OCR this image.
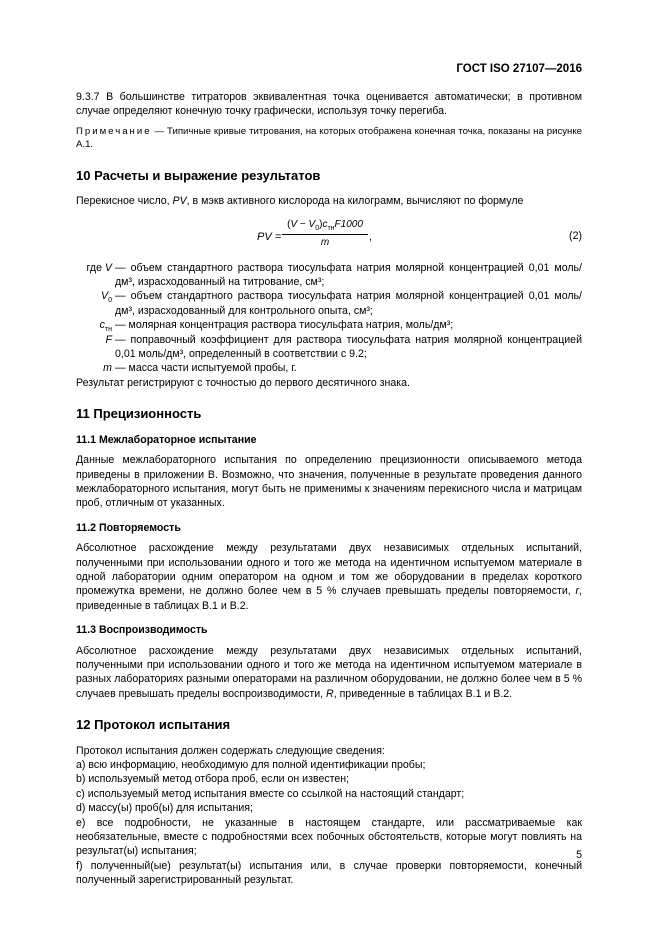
ГОСТ ISO 27107—2016

9.3.7 В большинстве титраторов эквивалентная точка оценивается автоматически; в противном случае определяют конечную точку графически, используя точку перегиба.

Примечание — Типичные кривые титрования, на которых отображена конечная точка, показаны на рисунке А.1.

10 Расчеты и выражение результатов

Перекисное число, PV, в мэкв активного кислорода на килограмм, вычисляют по формуле

PV =
$(V - V_0)c_{тн}F1000$
m	,	(2)
где V — объем стандартного раствора тиосульфата натрия молярной концентрацией 0,01 моль/дм³, израсходованный на титрование, см³;
$V_0$ — объем стандартного раствора тиосульфата натрия молярной концентрацией 0,01 моль/дм³, израсходованный для контрольного опыта, см³;
$c_{тн}$ — молярная концентрация раствора тиосульфата натрия, моль/дм³;
F — поправочный коэффициент для раствора тиосульфата натрия молярной концентрацией 0,01 моль/дм³, определенный в соответствии с 9.2;
m — масса части испытуемой пробы, г.

Результат регистрируют с точностью до первого десятичного знака.

11 Прецизионность
11.1 Межлабораторное испытание

Данные межлабораторного испытания по определению прецизионности описываемого метода приведены в приложении В. Возможно, что значения, полученные в результате проведения данного межлабораторного испытания, могут быть не применимы к значениям перекисного числа и матрицам проб, отличным от указанных.

11.2 Повторяемость

Абсолютное расхождение между результатами двух независимых отдельных испытаний, полученными при использовании одного и того же метода на идентичном испытуемом материале в одной лаборатории одним оператором на одном и том же оборудовании в пределах короткого промежутка времени, не должно более чем в 5 % случаев превышать пределы повторяемости, r, приведенные в таблицах В.1 и В.2.

11.3 Воспроизводимость

Абсолютное расхождение между результатами двух независимых отдельных испытаний, полученными при использовании одного и того же метода на идентичном испытуемом материале в разных лабораториях разными операторами на различном оборудовании, не должно более чем в 5 % случаев превышать пределы воспроизводимости, R, приведенные в таблицах В.1 и В.2.

12 Протокол испытания

Протокол испытания должен содержать следующие сведения:

a) всю информацию, необходимую для полной идентификации пробы;

b) используемый метод отбора проб, если он известен;

c) используемый метод испытания вместе со ссылкой на настоящий стандарт;

d) массу(ы) проб(ы) для испытания;

e) все подробности, не указанные в настоящем стандарте, или рассматриваемые как необязательные, вместе с подробностями всех побочных обстоятельств, которые могут повлиять на результат(ы) испытания;

f) полученный(ые) результат(ы) испытания или, в случае проверки повторяемости, конечный полученный зарегистрированный результат.

5
